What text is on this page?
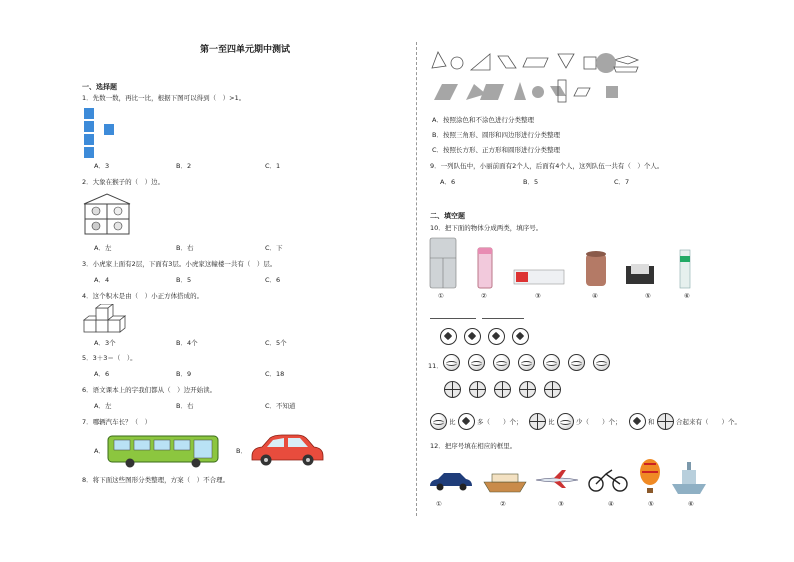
第一至四单元期中测试
一、选择题
1．先数一数，再比一比，根据下图可以得到（　）>1。
A．3	B．2	C．1
2．大象在猴子的（　）边。
A．左	B．右	C．下
3．小虎家上面有2层，下面有3层。小虎家这幢楼一共有（　）层。
A．4	B．5	C．6
4．这个积木是由（　）小正方体搭成的。
A．3个	B．4个	C．5个
5．3＋3＝（　）。
A．6	B．9	C．18
6．语文课本上的字我们都从（　）边开始读。
A．左	B．右	C．不知道
7．哪辆汽车长？（　）
A．	B．
8．将下面这些图形分类整理，方案（　）不合理。
A．按照涂色和不涂色进行分类整理
B．按照三角形、圆形和四边形进行分类整理
C．按照长方形、正方形和圆形进行分类整理
9．一列队伍中，小丽前面有2个人，后面有4个人，这列队伍一共有（　）个人。
A．6	B．5	C．7
二、填空题
10．把下面的物体分成两类，填序号。
①	②	③	④	⑤	⑥
11．
比	多（　　）个；	比	少（　　）个；	和	合起来有（　　）个。
12．把序号填在相应的框里。
①	②	③	④	⑤	⑥
